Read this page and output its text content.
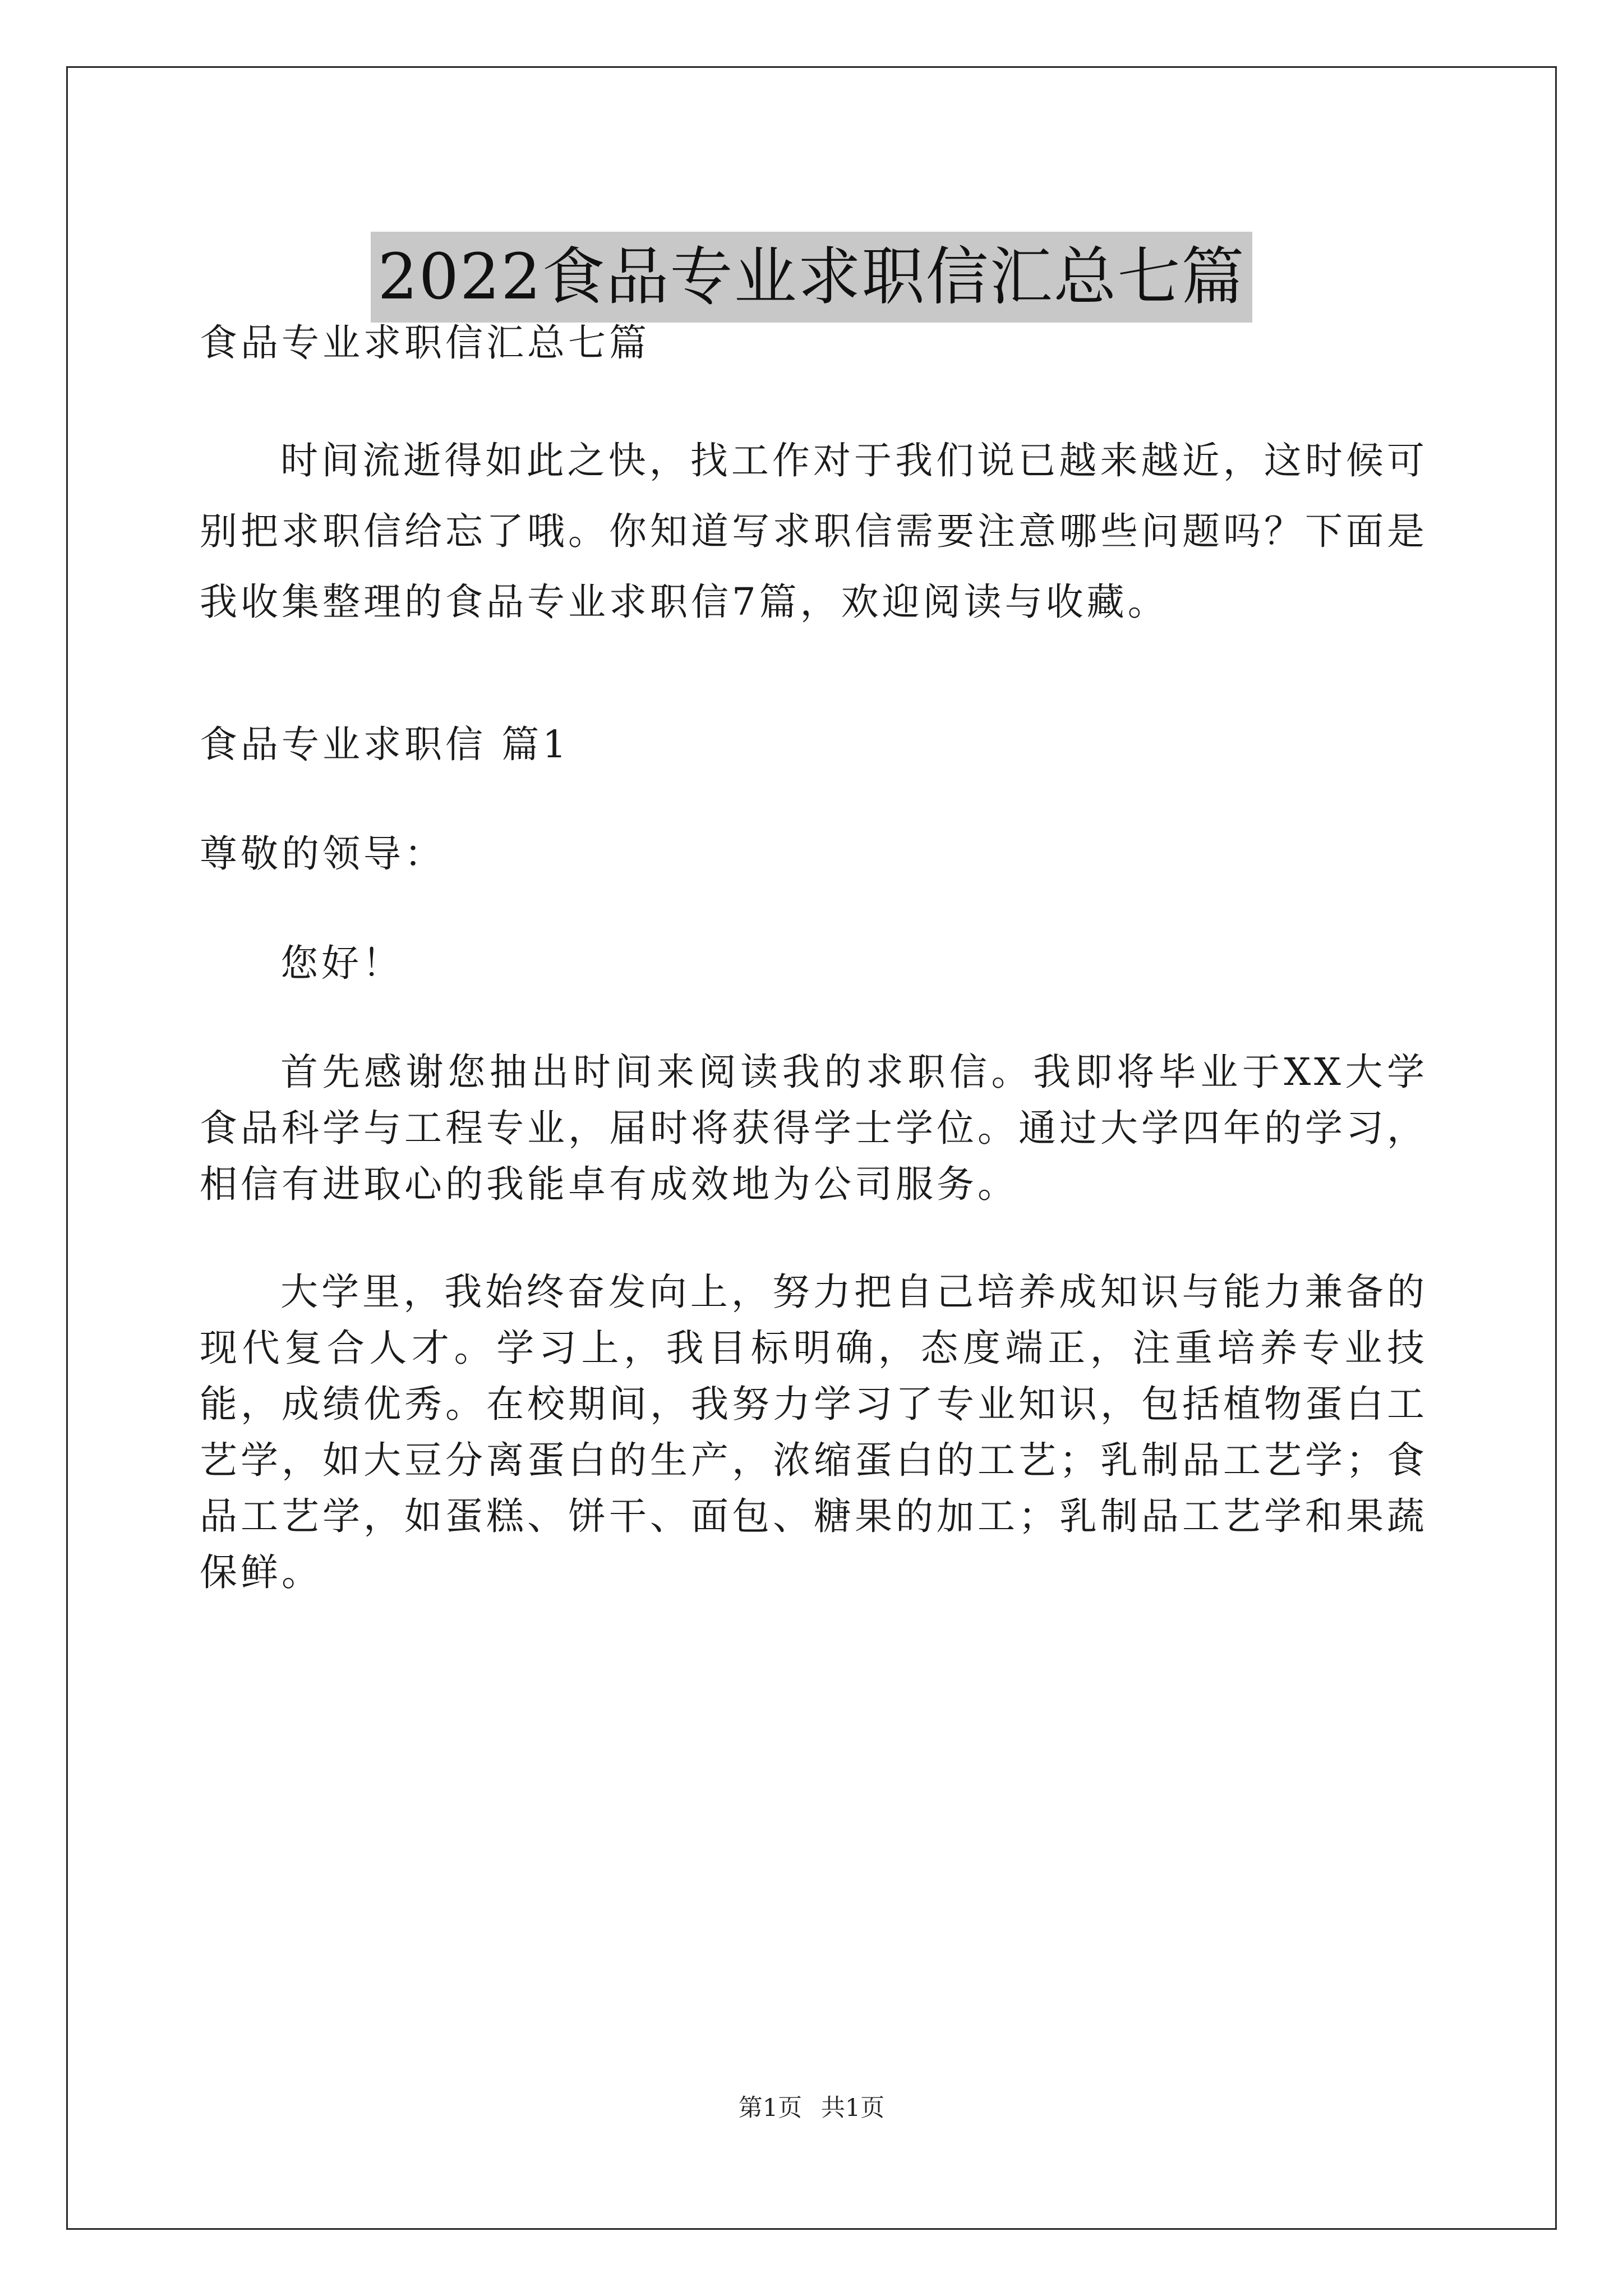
2022食品专业求职信汇总七篇

食品专业求职信汇总七篇

时间流逝得如此之快，找工作对于我们说已越来越近，这时候可别把求职信给忘了哦。你知道写求职信需要注意哪些问题吗？下面是我收集整理的食品专业求职信7篇，欢迎阅读与收藏。

食品专业求职信 篇1

尊敬的领导：

您好！

首先感谢您抽出时间来阅读我的求职信。我即将毕业于XX大学食品科学与工程专业，届时将获得学士学位。通过大学四年的学习，相信有进取心的我能卓有成效地为公司服务。

大学里，我始终奋发向上，努力把自己培养成知识与能力兼备的现代复合人才。学习上，我目标明确，态度端正，注重培养专业技能，成绩优秀。在校期间，我努力学习了专业知识，包括植物蛋白工艺学，如大豆分离蛋白的生产，浓缩蛋白的工艺；乳制品工艺学；食品工艺学，如蛋糕、饼干、面包、糖果的加工；乳制品工艺学和果蔬保鲜。

第1页 共1页
